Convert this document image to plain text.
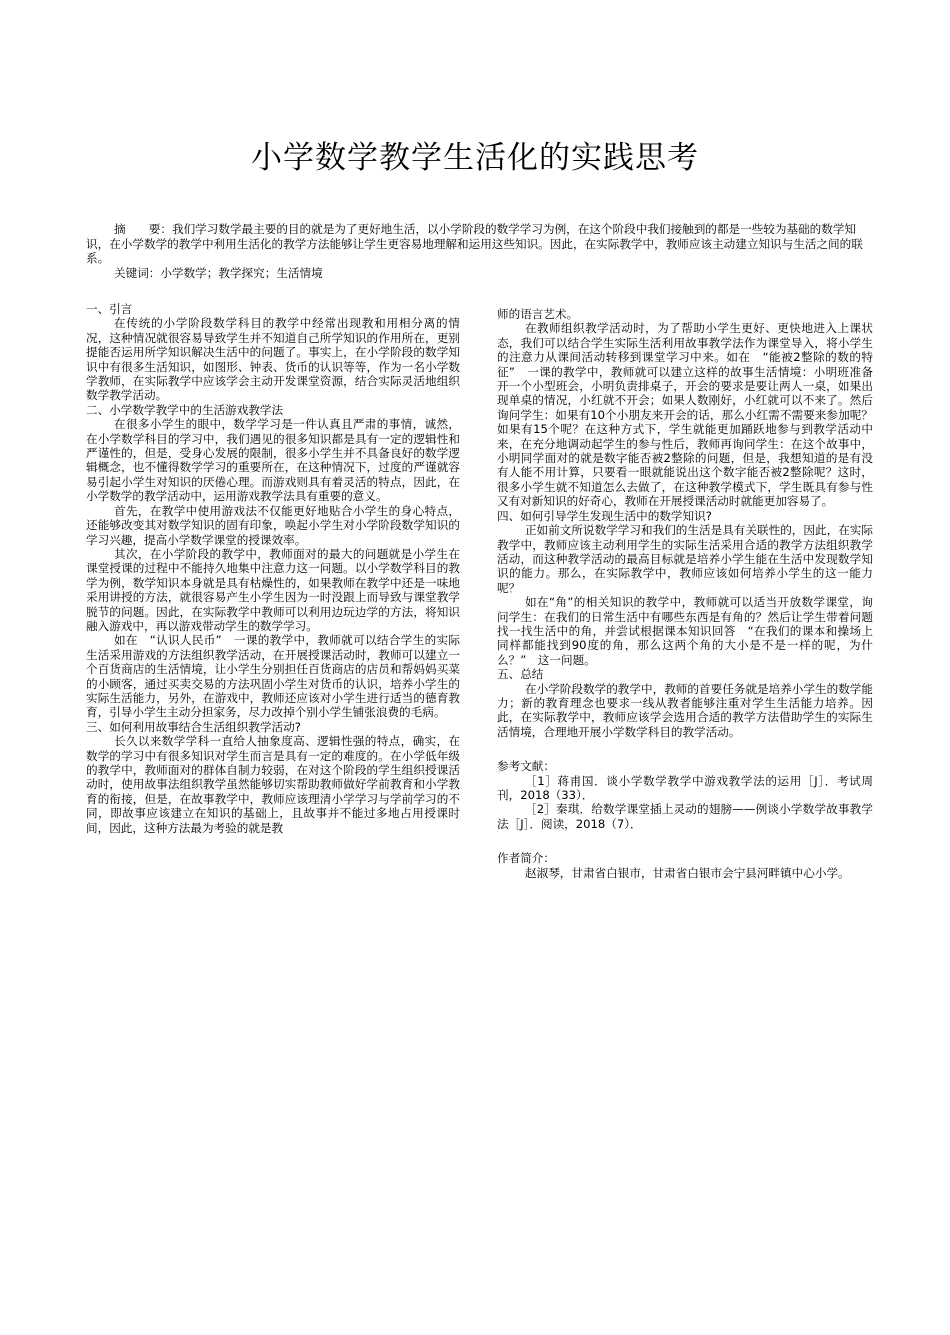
小学数学教学生活化的实践思考

摘　　要：我们学习数学最主要的目的就是为了更好地生活，以小学阶段的数学学习为例，在这个阶段中我们接触到的都是一些较为基础的数学知识，在小学数学的教学中利用生活化的教学方法能够让学生更容易地理解和运用这些知识。因此，在实际教学中，教师应该主动建立知识与生活之间的联系。

关键词：小学数学；教学探究；生活情境

一、引言

在传统的小学阶段数学科目的教学中经常出现教和用相分离的情况，这种情况就很容易导致学生并不知道自己所学知识的作用所在，更别提能否运用所学知识解决生活中的问题了。事实上，在小学阶段的数学知识中有很多生活知识，如图形、钟表、货币的认识等等，作为一名小学数学教师，在实际教学中应该学会主动开发课堂资源，结合实际灵活地组织数学教学活动。

二、小学数学教学中的生活游戏教学法

在很多小学生的眼中，数学学习是一件认真且严肃的事情，诚然，在小学数学科目的学习中，我们遇见的很多知识都是具有一定的逻辑性和严谨性的，但是，受身心发展的限制，很多小学生并不具备良好的数学逻辑概念，也不懂得数学学习的重要所在，在这种情况下，过度的严谨就容易引起小学生对知识的厌倦心理。而游戏则具有着灵活的特点，因此，在小学数学的教学活动中，运用游戏教学法具有重要的意义。

首先，在教学中使用游戏法不仅能更好地贴合小学生的身心特点，还能够改变其对数学知识的固有印象，唤起小学生对小学阶段数学知识的学习兴趣，提高小学数学课堂的授课效率。

其次，在小学阶段的教学中，教师面对的最大的问题就是小学生在课堂授课的过程中不能持久地集中注意力这一问题。以小学数学科目的教学为例，数学知识本身就是具有枯燥性的，如果教师在教学中还是一味地采用讲授的方法，就很容易产生小学生因为一时没跟上而导致与课堂教学脱节的问题。因此，在实际教学中教师可以利用边玩边学的方法，将知识融入游戏中，再以游戏带动学生的数学学习。

如在　“认识人民币”　一课的教学中，教师就可以结合学生的实际生活采用游戏的方法组织教学活动，在开展授课活动时，教师可以建立一个百货商店的生活情境，让小学生分别担任百货商店的店员和帮妈妈买菜的小顾客，通过买卖交易的方法巩固小学生对货币的认识，培养小学生的实际生活能力，另外，在游戏中，教师还应该对小学生进行适当的德育教育，引导小学生主动分担家务，尽力改掉个别小学生铺张浪费的毛病。

三、如何利用故事结合生活组织教学活动?

长久以来数学学科一直给人抽象度高、逻辑性强的特点，确实，在数学的学习中有很多知识对学生而言是具有一定的难度的。在小学低年级的教学中，教师面对的群体自制力较弱，在对这个阶段的学生组织授课活动时，使用故事法组织教学虽然能够切实帮助教师做好学前教育和小学教育的衔接，但是，在故事教学中，教师应该理清小学学习与学前学习的不同，即故事应该建立在知识的基础上，且故事并不能过多地占用授课时间，因此，这种方法最为考验的就是教

师的语言艺术。

在教师组织教学活动时，为了帮助小学生更好、更快地进入上课状态，我们可以结合学生实际生活利用故事教学法作为课堂导入，将小学生的注意力从课间活动转移到课堂学习中来。如在　“能被2整除的数的特征”　一课的教学中，教师就可以建立这样的故事生活情境：小明班准备开一个小型班会，小明负责排桌子，开会的要求是要让两人一桌，如果出现单桌的情况，小红就不开会；如果人数刚好，小红就可以不来了。然后询问学生：如果有10个小朋友来开会的话，那么小红需不需要来参加呢？如果有15个呢？在这种方式下，学生就能更加踊跃地参与到教学活动中来，在充分地调动起学生的参与性后，教师再询问学生：在这个故事中，小明同学面对的就是数字能否被2整除的问题，但是，我想知道的是有没有人能不用计算，只要看一眼就能说出这个数字能否被2整除呢？这时，很多小学生就不知道怎么去做了，在这种教学模式下，学生既具有参与性又有对新知识的好奇心，教师在开展授课活动时就能更加容易了。

四、如何引导学生发现生活中的数学知识?

正如前文所说数学学习和我们的生活是具有关联性的，因此，在实际教学中，教师应该主动利用学生的实际生活采用合适的教学方法组织教学活动，而这种教学活动的最高目标就是培养小学生能在生活中发现数学知识的能力。那么，在实际教学中，教师应该如何培养小学生的这一能力呢？

如在“角”的相关知识的教学中，教师就可以适当开放数学课堂，询问学生：在我们的日常生活中有哪些东西是有角的？然后让学生带着问题找一找生活中的角，并尝试根据课本知识回答　“在我们的课本和操场上同样都能找到90度的角，那么这两个角的大小是不是一样的呢，为什么？”　这一问题。

五、总结

在小学阶段数学的教学中，教师的首要任务就是培养小学生的数学能力；新的教育理念也要求一线从教者能够注重对学生生活能力培养。因此，在实际教学中，教师应该学会选用合适的教学方法借助学生的实际生活情境，合理地开展小学数学科目的教学活动。

参考文献：

［1］蒋甫国．谈小学数学教学中游戏教学法的运用［J］．考试周刊，2018（33）．

［2］秦琪．给数学课堂插上灵动的翅膀——例谈小学数学故事教学法［J］．阅读，2018（7）．

作者简介：

赵淑琴，甘肃省白银市，甘肃省白银市会宁县河畔镇中心小学。
